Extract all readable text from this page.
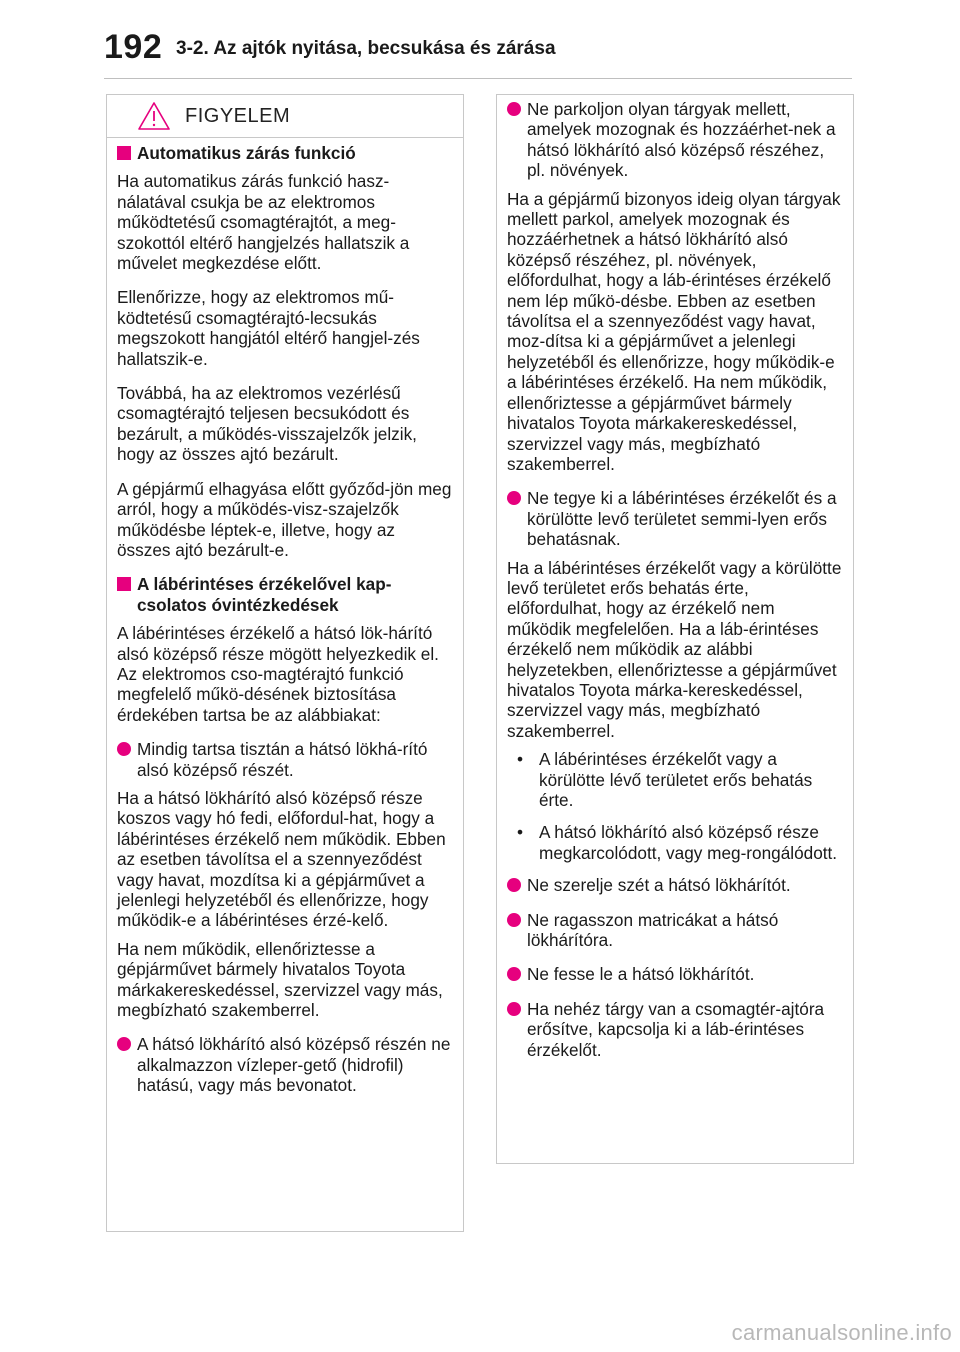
192 3-2. Az ajtók nyitása, becsukása és zárása
FIGYELEM
Automatikus zárás funkció

Ha automatikus zárás funkció hasz-nálatával csukja be az elektromos működtetésű csomagtérajtót, a meg-szokottól eltérő hangjelzés hallatszik a művelet megkezdése előtt.

Ellenőrizze, hogy az elektromos mű-ködtetésű csomagtérajtó-lecsukás megszokott hangjától eltérő hangjel-zés hallatszik-e.

Továbbá, ha az elektromos vezérlésű csomagtérajtó teljesen becsukódott és bezárult, a működés-visszajelzők jelzik, hogy az összes ajtó bezárult.

A gépjármű elhagyása előtt győződ-jön meg arról, hogy a működés-visz-szajelzők működésbe léptek-e, illetve, hogy az összes ajtó bezárult-e.

A lábérintéses érzékelővel kap-csolatos óvintézkedések

A lábérintéses érzékelő a hátsó lök-hárító alsó középső része mögött helyezkedik el. Az elektromos cso-magtérajtó funkció megfelelő műkö-désének biztosítása érdekében tartsa be az alábbiakat:

Mindig tartsa tisztán a hátsó lökhá-rító alsó középső részét.

Ha a hátsó lökhárító alsó középső része koszos vagy hó fedi, előfordul-hat, hogy a lábérintéses érzékelő nem működik. Ebben az esetben távolítsa el a szennyeződést vagy havat, mozdítsa ki a gépjárművet a jelenlegi helyzetéből és ellenőrizze, hogy működik-e a lábérintéses érzé-kelő.

Ha nem működik, ellenőriztesse a gépjárművet bármely hivatalos Toyota márkakereskedéssel, szervizzel vagy más, megbízható szakemberrel.

A hátsó lökhárító alsó középső részén ne alkalmazzon vízleper-gető (hidrofil) hatású, vagy más bevonatot.
Ne parkoljon olyan tárgyak mellett, amelyek mozognak és hozzáérhet-nek a hátsó lökhárító alsó középső részéhez, pl. növények.

Ha a gépjármű bizonyos ideig olyan tárgyak mellett parkol, amelyek mozognak és hozzáérhetnek a hátsó lökhárító alsó középső részéhez, pl. növények, előfordulhat, hogy a láb-érintéses érzékelő nem lép műkö-désbe. Ebben az esetben távolítsa el a szennyeződést vagy havat, moz-dítsa ki a gépjárművet a jelenlegi helyzetéből és ellenőrizze, hogy működik-e a lábérintéses érzékelő. Ha nem működik, ellenőriztesse a gépjárművet bármely hivatalos Toyota márkakereskedéssel, szervizzel vagy más, megbízható szakemberrel.

Ne tegye ki a lábérintéses érzékelőt és a körülötte levő területet semmi-lyen erős behatásnak.

Ha a lábérintéses érzékelőt vagy a körülötte levő területet erős behatás érte, előfordulhat, hogy az érzékelő nem működik megfelelően. Ha a láb-érintéses érzékelő nem működik az alábbi helyzetekben, ellenőriztesse a gépjárművet hivatalos Toyota márka-kereskedéssel, szervizzel vagy más, megbízható szakemberrel.

• A lábérintéses érzékelőt vagy a körülötte lévő területet erős behatás érte.
• A hátsó lökhárító alsó középső része megkarcolódott, vagy meg-rongálódott.
Ne szerelje szét a hátsó lökhárítót.
Ne ragasszon matricákat a hátsó lökhárítóra.
Ne fesse le a hátsó lökhárítót.
Ha nehéz tárgy van a csomagtér-ajtóra erősítve, kapcsolja ki a láb-érintéses érzékelőt.
carmanualsonline.info
